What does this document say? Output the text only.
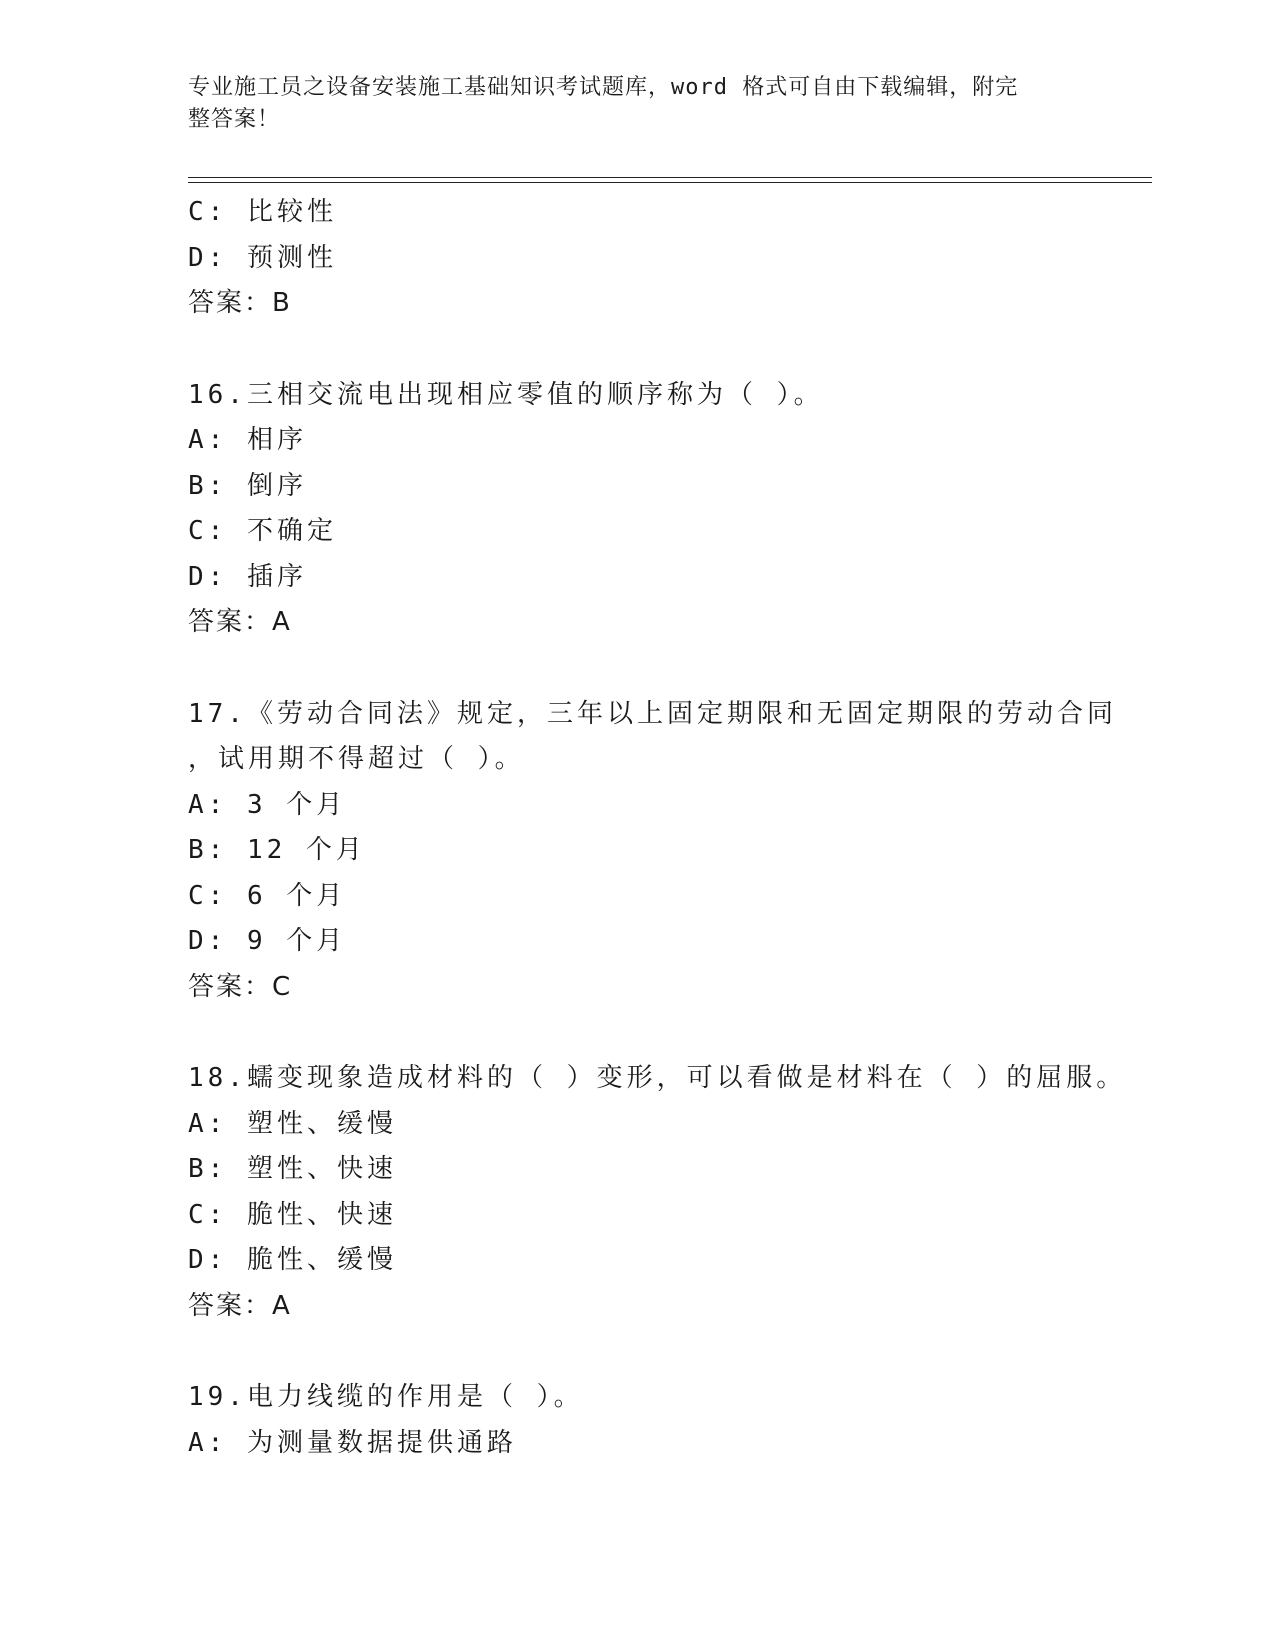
专业施工员之设备安装施工基础知识考试题库，word 格式可自由下载编辑，附完
整答案！
C: 比较性
D: 预测性
答案：B
16.三相交流电出现相应零值的顺序称为（ ）。
A: 相序
B: 倒序
C: 不确定
D: 插序
答案：A
17.《劳动合同法》规定，三年以上固定期限和无固定期限的劳动合同
，试用期不得超过（ ）。
A: 3 个月
B: 12 个月
C: 6 个月
D: 9 个月
答案：C
18.蠕变现象造成材料的（ ）变形，可以看做是材料在（ ）的屈服。
A: 塑性、缓慢
B: 塑性、快速
C: 脆性、快速
D: 脆性、缓慢
答案：A
19.电力线缆的作用是（ ）。
A: 为测量数据提供通路
